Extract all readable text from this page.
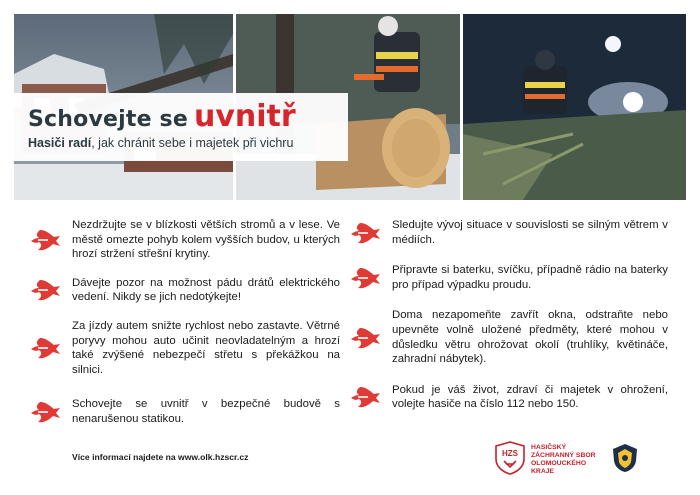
Schovejte se uvnitř
Hasiči radí, jak chránit sebe i majetek při vichru
Nezdržujte se v blízkosti větších stromů a v lese. Ve městě omezte pohyb kolem vyšších budov, u kterých hrozí stržení střešní krytiny.
Dávejte pozor na možnost pádu drátů elektrického vedení. Nikdy se jich nedotýkejte!
Za jízdy autem snižte rychlost nebo zastavte. Větrné poryvy mohou auto učinit neovladatelným a hrozí také zvýšené nebezpečí střetu s překážkou na silnici.
Schovejte se uvnitř v bezpečné budově s nenarušenou statikou.
Sledujte vývoj situace v souvislosti se silným větrem v médiích.
Připravte si baterku, svíčku, případně rádio na baterky pro případ výpadku proudu.
Doma nezapomeňte zavřít okna, odstraňte nebo upevněte volně uložené předměty, které mohou v důsledku větru ohrožovat okolí (truhlíky, květináče, zahradní nábytek).
Pokud je váš život, zdraví či majetek v ohrožení, volejte hasiče na číslo 112 nebo 150.
Více informací najdete na www.olk.hzscr.cz	HZS
HASIČSKÝ
ZÁCHRANNÝ SBOR
OLOMOUCKÉHO
KRAJE
